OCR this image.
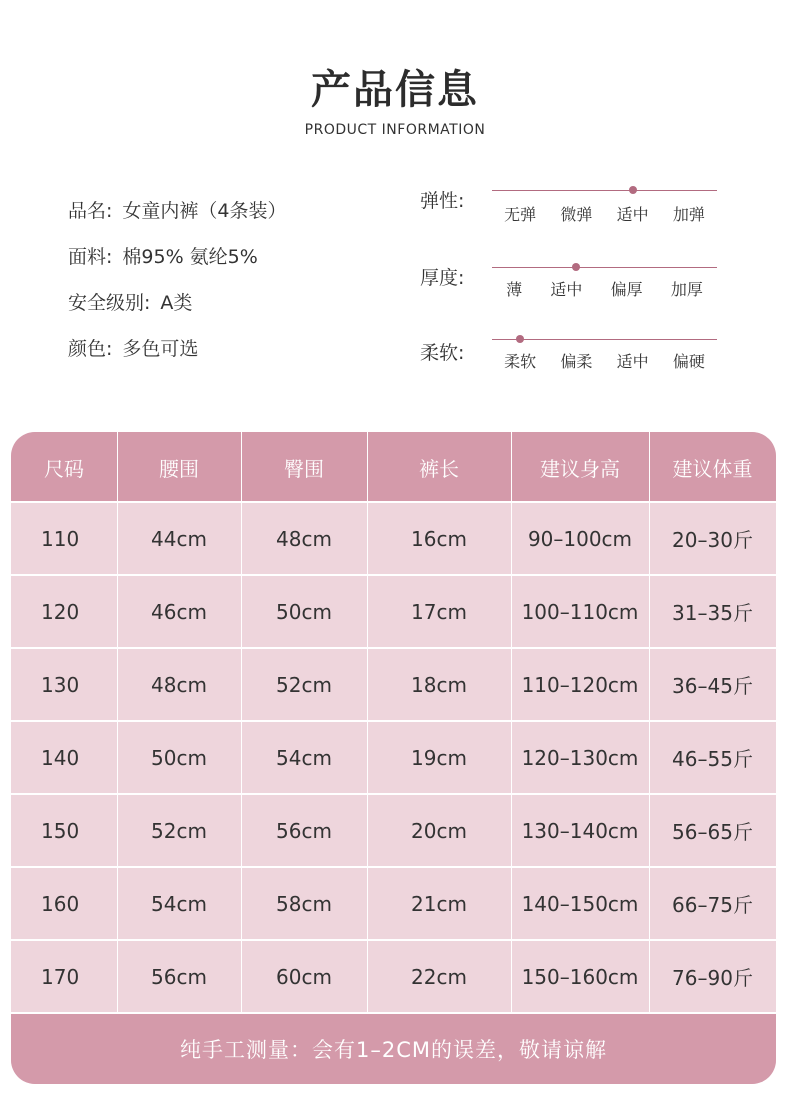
产品信息
PRODUCT INFORMATION
品名: 女童内裤（4条装）
面料: 棉95% 氨纶5%
安全级别: A类
颜色: 多色可选
弹性:
无弹 微弹 适中 加弹
厚度:
薄 适中 偏厚 加厚
柔软: 柔软 偏柔 适中 偏硬
纯手工测量：会有1–2CM的误差，敬请谅解
尺码	腰围	臀围	裤长	建议身高	建议体重
110	44cm	48cm	16cm	90–100cm	20–30斤
120	46cm	50cm	17cm	100–110cm	31–35斤
130	48cm	52cm	18cm	110–120cm	36–45斤
140	50cm	54cm	19cm	120–130cm	46–55斤
150	52cm	56cm	20cm	130–140cm	56–65斤
160	54cm	58cm	21cm	140–150cm	66–75斤
170	56cm	60cm	22cm	150–160cm	76–90斤
